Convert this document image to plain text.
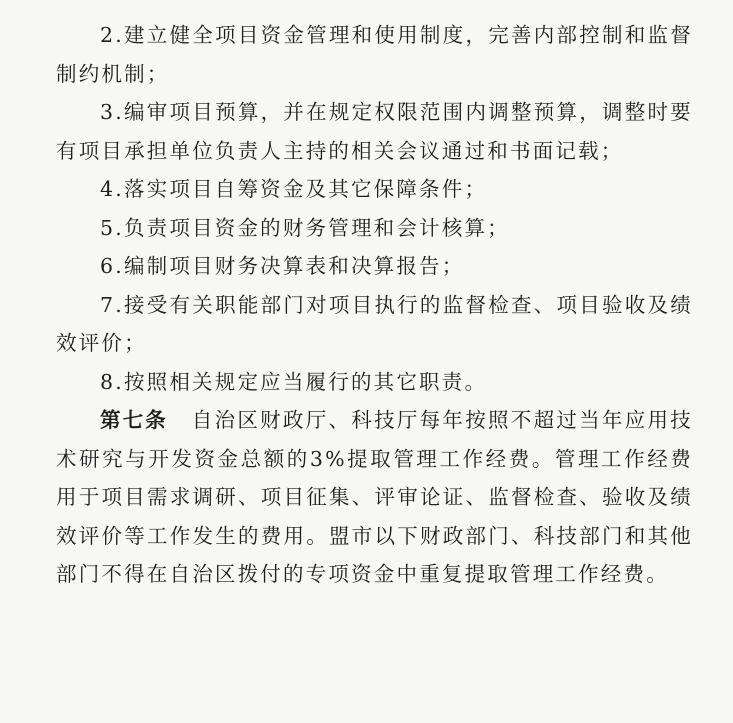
2.建立健全项目资金管理和使用制度，完善内部控制和监督制约机制；

3.编审项目预算，并在规定权限范围内调整预算，调整时要有项目承担单位负责人主持的相关会议通过和书面记载；

4.落实项目自筹资金及其它保障条件；

5.负责项目资金的财务管理和会计核算；

6.编制项目财务决算表和决算报告；

7.接受有关职能部门对项目执行的监督检查、项目验收及绩效评价；

8.按照相关规定应当履行的其它职责。

第七条 自治区财政厅、科技厅每年按照不超过当年应用技术研究与开发资金总额的3%提取管理工作经费。管理工作经费用于项目需求调研、项目征集、评审论证、监督检查、验收及绩效评价等工作发生的费用。盟市以下财政部门、科技部门和其他部门不得在自治区拨付的专项资金中重复提取管理工作经费。
